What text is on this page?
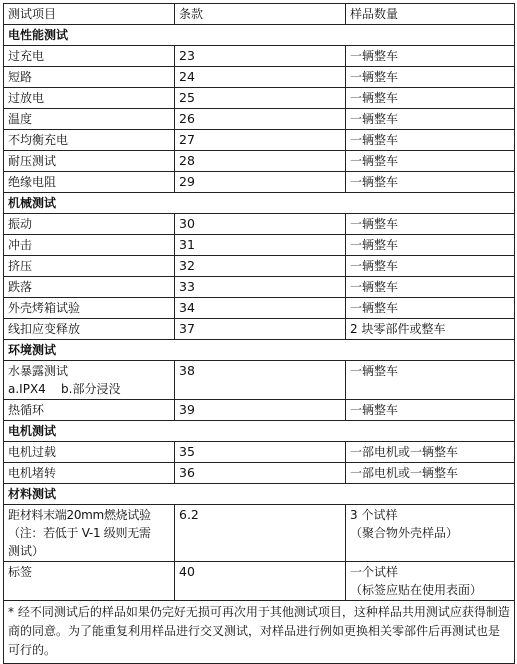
测试项目	条款	样品数量
电性能测试		
过充电	23	一辆整车
短路	24	一辆整车
过放电	25	一辆整车
温度	26	一辆整车
不均衡充电	27	一辆整车
耐压测试	28	一辆整车
绝缘电阻	29	一辆整车
机械测试		
振动	30	一辆整车
冲击	31	一辆整车
挤压	32	一辆整车
跌落	33	一辆整车
外壳烤箱试验	34	一辆整车
线扣应变释放	37	2 块零部件或整车
环境测试		

水暴露测试
a.IPX4    b.部分浸没	38	一辆整车
热循环	39	一辆整车
电机测试		
电机过载	35	一部电机或一辆整车
电机堵转	36	一部电机或一辆整车
材料测试		

距材料末端20mm燃烧试验
（注：若低于 V-1 级则无需
测试）	6.2	3 个试样
（聚合物外壳样品）

标签	40	一个试样
（标签应贴在使用表面）

* 经不同测试后的样品如果仍完好无损可再次用于其他测试项目，这种样品共用测试应获得制造商的同意。为了能重复利用样品进行交叉测试，对样品进行例如更换相关零部件后再测试也是可行的。		
